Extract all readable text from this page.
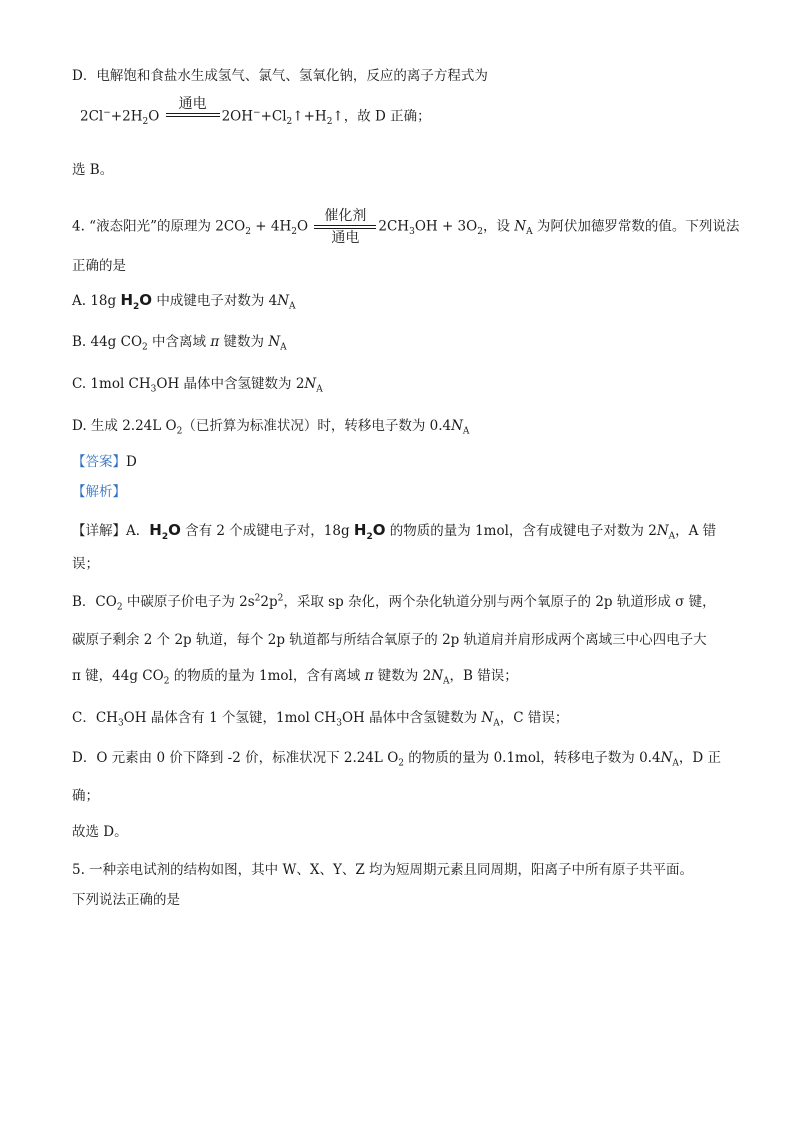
D．电解饱和食盐水生成氢气、氯气、氢氧化钠，反应的离子方程式为
$2Cl^-+2H_2O$
通电
$2OH^-+Cl_2↑+H_2↑$，故 D 正确；
选 B。
4. “液态阳光”的原理为 $2CO_2 + 4H_2O$
催化剂
通电
$2CH_3OH + 3O_2$，设 $N_A$ 为阿伏加德罗常数的值。下列说法
正确的是
A. 18g $H_2O$ 中成键电子对数为 $4N_A$
B. 44g $CO_2$ 中含离域 π 键数为 $N_A$
C. 1mol $CH_3OH$ 晶体中含氢键数为 $2N_A$
D. 生成 2.24L $O_2$（已折算为标准状况）时，转移电子数为 $0.4N_A$
【答案】D
【解析】
【详解】A．$H_2O$ 含有 2 个成键电子对，18g $H_2O$ 的物质的量为 1mol，含有成键电子对数为 $2N_A$，A 错
误；
B．$CO_2$ 中碳原子价电子为 $2s^22p^2$，采取 sp 杂化，两个杂化轨道分别与两个氧原子的 2p 轨道形成 σ 键，
碳原子剩余 2 个 2p 轨道，每个 2p 轨道都与所结合氧原子的 2p 轨道肩并肩形成两个离域三中心四电子大
π 键，44g $CO_2$ 的物质的量为 1mol，含有离域 π 键数为 $2N_A$，B 错误；
C．$CH_3OH$ 晶体含有 1 个氢键，1mol $CH_3OH$ 晶体中含氢键数为 $N_A$，C 错误；
D．O 元素由 0 价下降到 -2 价，标准状况下 2.24L $O_2$ 的物质的量为 0.1mol，转移电子数为 $0.4N_A$，D 正
确；
故选 D。
5. 一种亲电试剂的结构如图，其中 W、X、Y、Z 均为短周期元素且同周期，阳离子中所有原子共平面。
下列说法正确的是
